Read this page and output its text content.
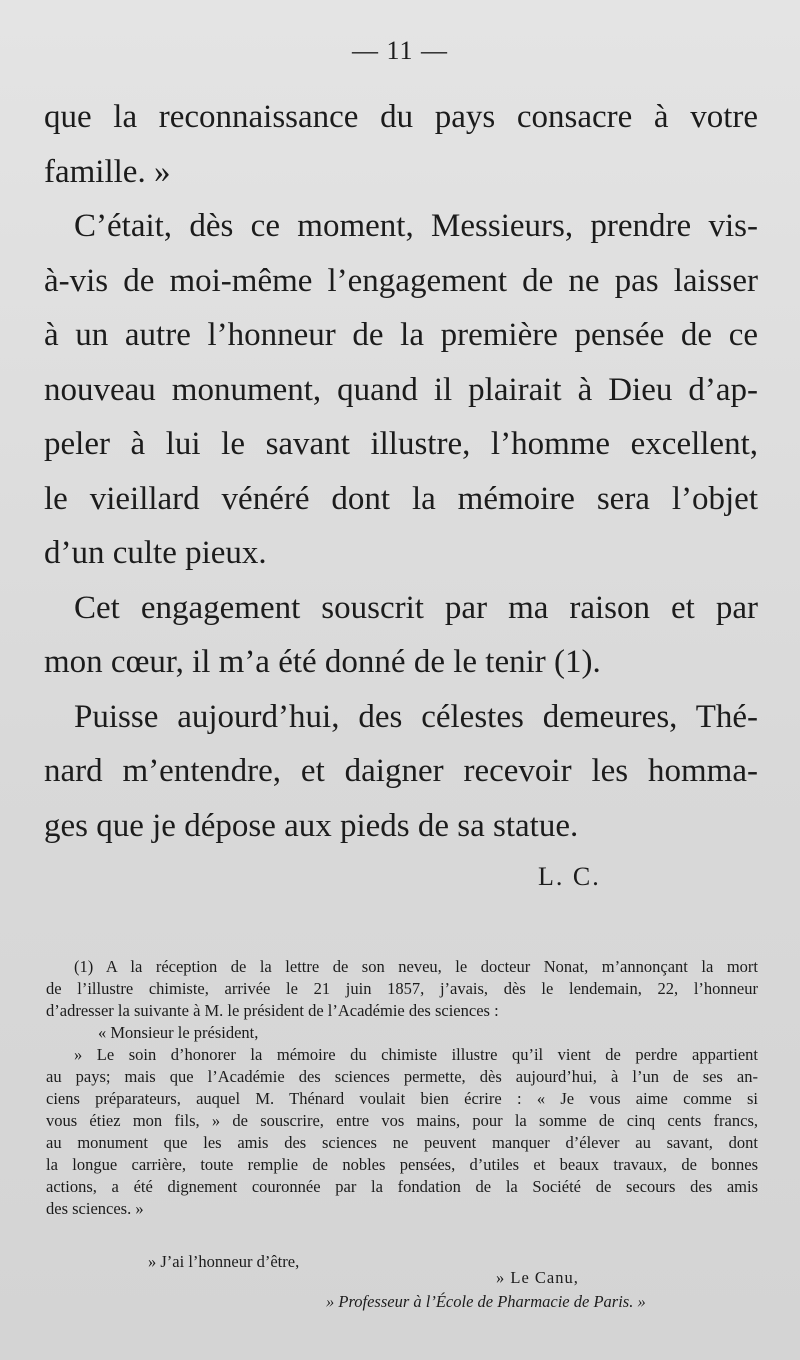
— 11 —

que la reconnaissance du pays consacre à votre
famille. »

C’était, dès ce moment, Messieurs, prendre vis-
à-vis de moi-même l’engagement de ne pas laisser
à un autre l’honneur de la première pensée de ce
nouveau monument, quand il plairait à Dieu d’ap-
peler à lui le savant illustre, l’homme excellent,
le vieillard vénéré dont la mémoire sera l’objet
d’un culte pieux.

Cet engagement souscrit par ma raison et par
mon cœur, il m’a été donné de le tenir (1).

Puisse aujourd’hui, des célestes demeures, Thé-
nard m’entendre, et daigner recevoir les homma-
ges que je dépose aux pieds de sa statue.

L. C.
(1) A la réception de la lettre de son neveu, le docteur Nonat, m’annonçant la mort
de l’illustre chimiste, arrivée le 21 juin 1857, j’avais, dès le lendemain, 22, l’honneur
d’adresser la suivante à M. le président de l’Académie des sciences :
« Monsieur le président,
» Le soin d’honorer la mémoire du chimiste illustre qu’il vient de perdre appartient
au pays; mais que l’Académie des sciences permette, dès aujourd’hui, à l’un de ses an-
ciens préparateurs, auquel M. Thénard voulait bien écrire : « Je vous aime comme si
vous étiez mon fils, » de souscrire, entre vos mains, pour la somme de cinq cents francs,
au monument que les amis des sciences ne peuvent manquer d’élever au savant, dont
la longue carrière, toute remplie de nobles pensées, d’utiles et beaux travaux, de bonnes
actions, a été dignement couronnée par la fondation de la Société de secours des amis
des sciences. »
» J’ai l’honneur d’être,
» Le Canu,
» Professeur à l’École de Pharmacie de Paris. »
